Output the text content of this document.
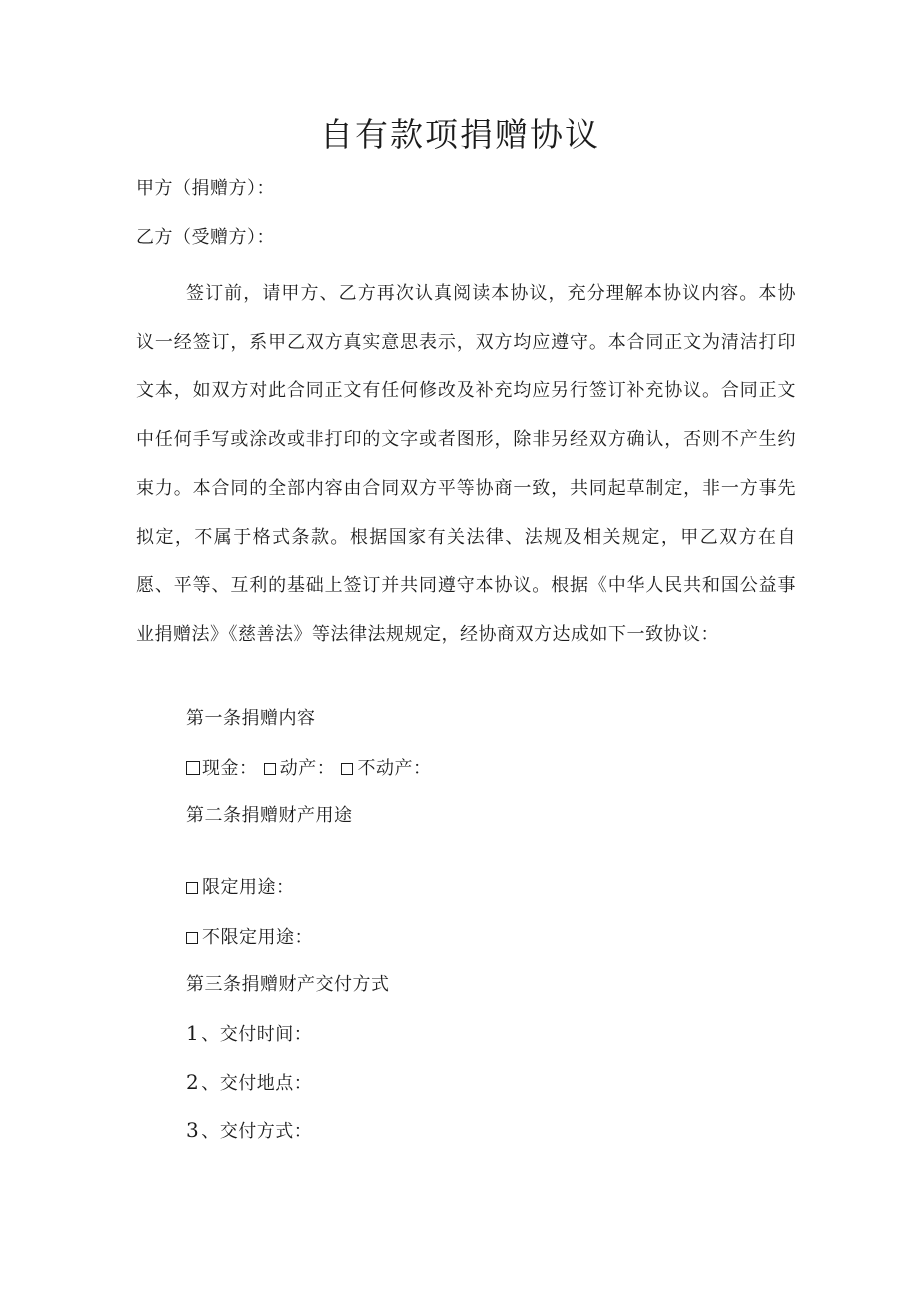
自有款项捐赠协议
甲方（捐赠方）：
乙方（受赠方）：

签订前，请甲方、乙方再次认真阅读本协议，充分理解本协议内容。本协议一经签订，系甲乙双方真实意思表示，双方均应遵守。本合同正文为清洁打印文本，如双方对此合同正文有任何修改及补充均应另行签订补充协议。合同正文中任何手写或涂改或非打印的文字或者图形，除非另经双方确认，否则不产生约束力。本合同的全部内容由合同双方平等协商一致，共同起草制定，非一方事先拟定，不属于格式条款。根据国家有关法律、法规及相关规定，甲乙双方在自愿、平等、互利的基础上签订并共同遵守本协议。根据《中华人民共和国公益事业捐赠法》《慈善法》等法律法规规定，经协商双方达成如下一致协议：

第一条捐赠内容
现金： 动产： 不动产：
第二条捐赠财产用途
限定用途：
不限定用途：
第三条捐赠财产交付方式
1 、交付时间：
2 、交付地点：
3 、交付方式：
